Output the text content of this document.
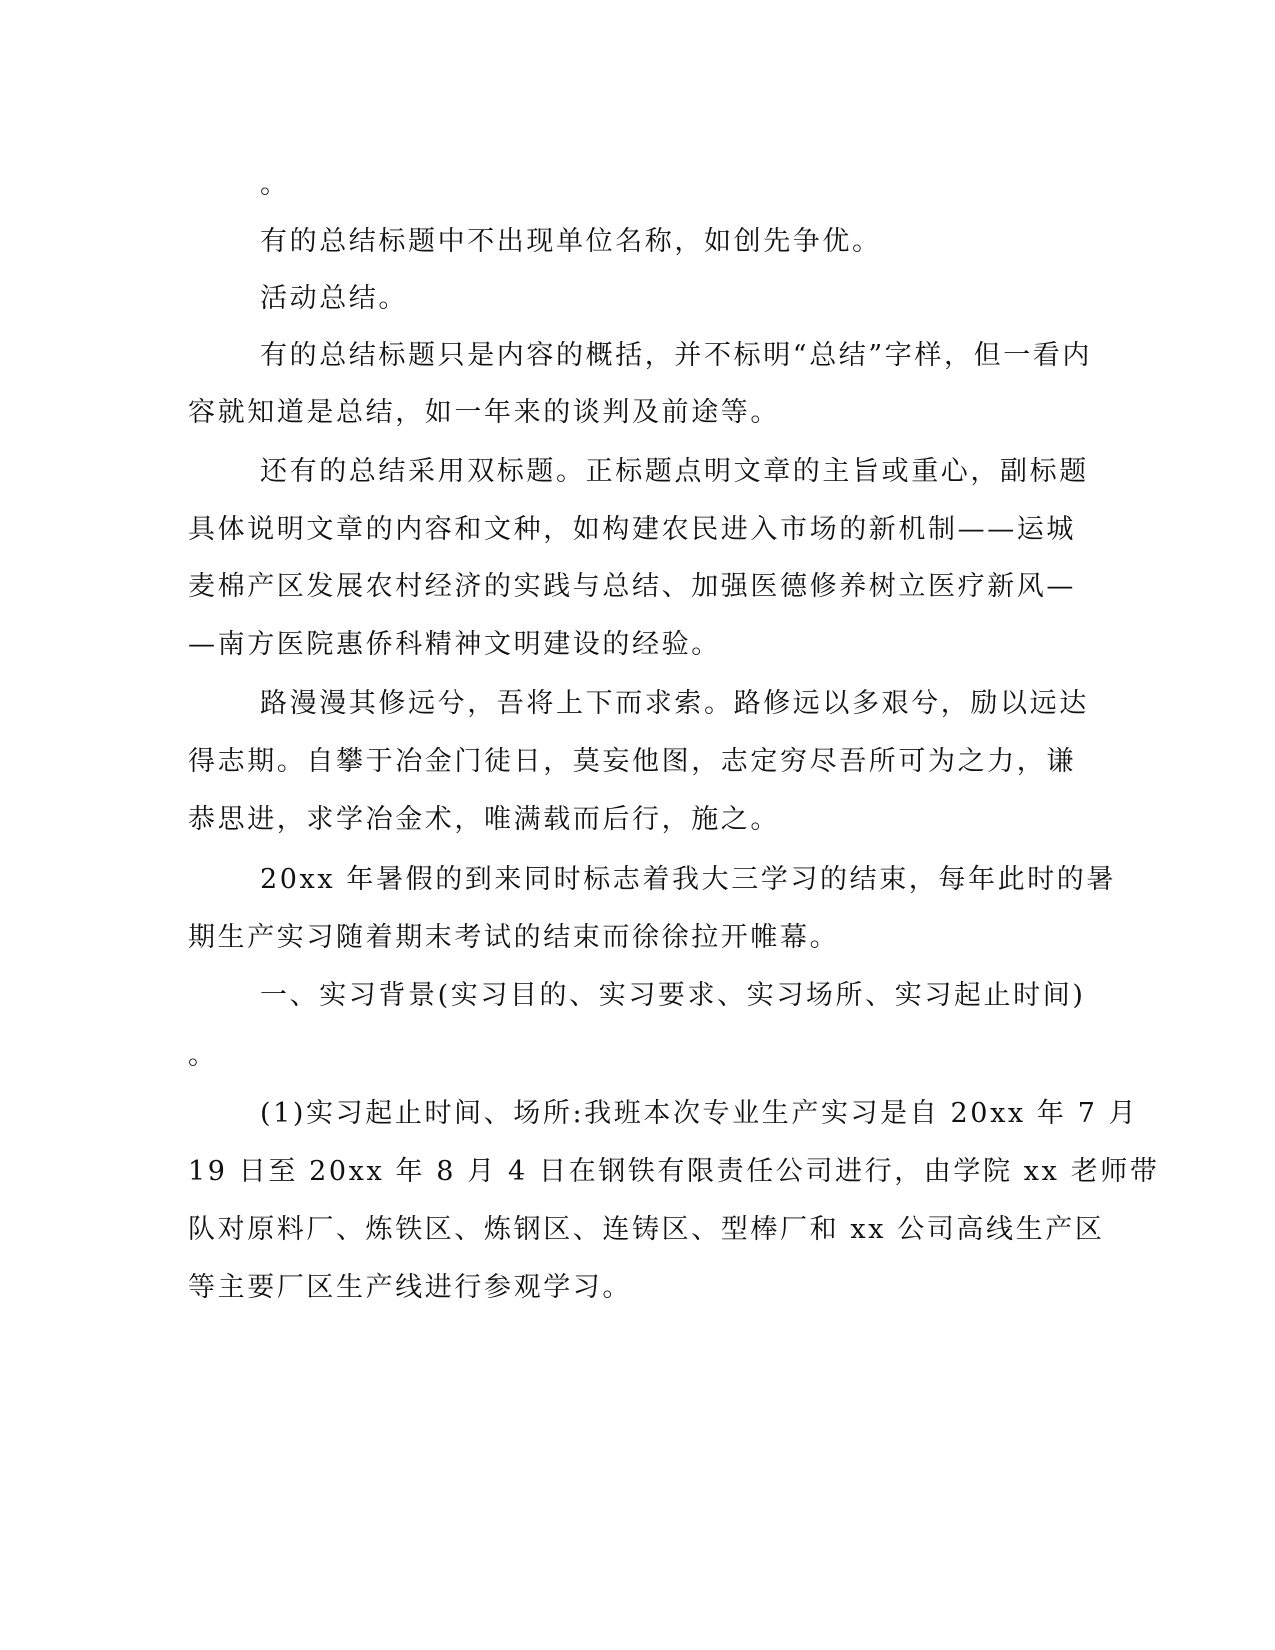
。

有的总结标题中不出现单位名称，如创先争优。

活动总结。

有的总结标题只是内容的概括，并不标明“总结”字样，但一看内

容就知道是总结，如一年来的谈判及前途等。

还有的总结采用双标题。正标题点明文章的主旨或重心，副标题

具体说明文章的内容和文种，如构建农民进入市场的新机制——运城

麦棉产区发展农村经济的实践与总结、加强医德修养树立医疗新风—

—南方医院惠侨科精神文明建设的经验。

路漫漫其修远兮，吾将上下而求索。路修远以多艰兮，励以远达

得志期。自攀于冶金门徒日，莫妄他图，志定穷尽吾所可为之力，谦

恭思进，求学冶金术，唯满载而后行，施之。

20xx 年暑假的到来同时标志着我大三学习的结束，每年此时的暑

期生产实习随着期末考试的结束而徐徐拉开帷幕。

一、实习背景(实习目的、实习要求、实习场所、实习起止时间)

。

(1)实习起止时间、场所:我班本次专业生产实习是自 20xx 年 7 月

19 日至 20xx 年 8 月 4 日在钢铁有限责任公司进行，由学院 xx 老师带

队对原料厂、炼铁区、炼钢区、连铸区、型棒厂和 xx 公司高线生产区

等主要厂区生产线进行参观学习。
